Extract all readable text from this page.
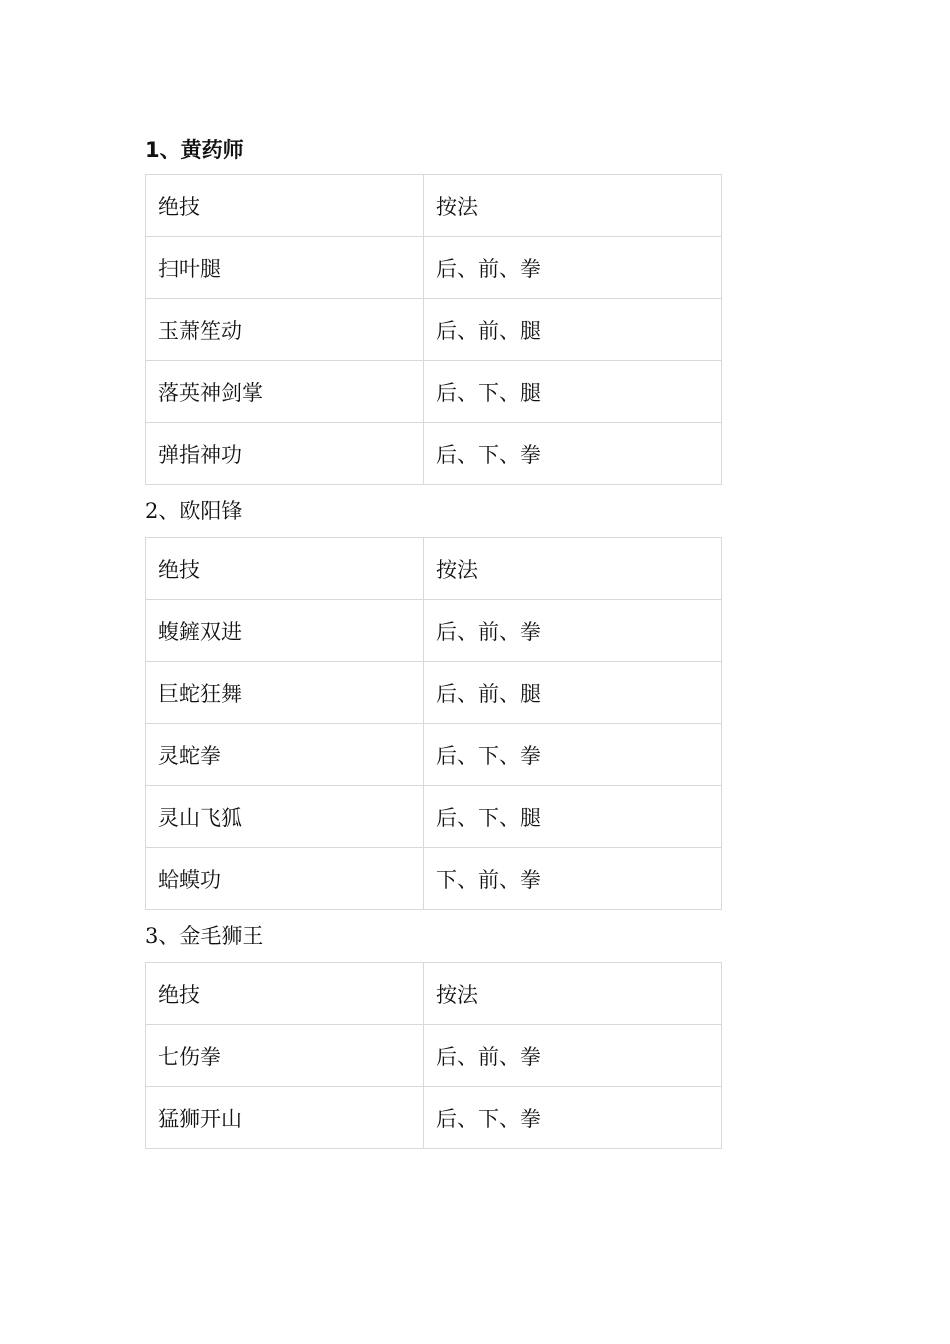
1、黄药师
绝技	按法
扫叶腿	后、前、拳
玉萧笙动	后、前、腿
落英神剑掌	后、下、腿
弹指神功	后、下、拳
2、欧阳锋
绝技	按法
蝮鏟双进	后、前、拳
巨蛇狂舞	后、前、腿
灵蛇拳	后、下、拳
灵山飞狐	后、下、腿
蛤蟆功	下、前、拳
3、金毛狮王
绝技	按法
七伤拳	后、前、拳
猛狮开山	后、下、拳
